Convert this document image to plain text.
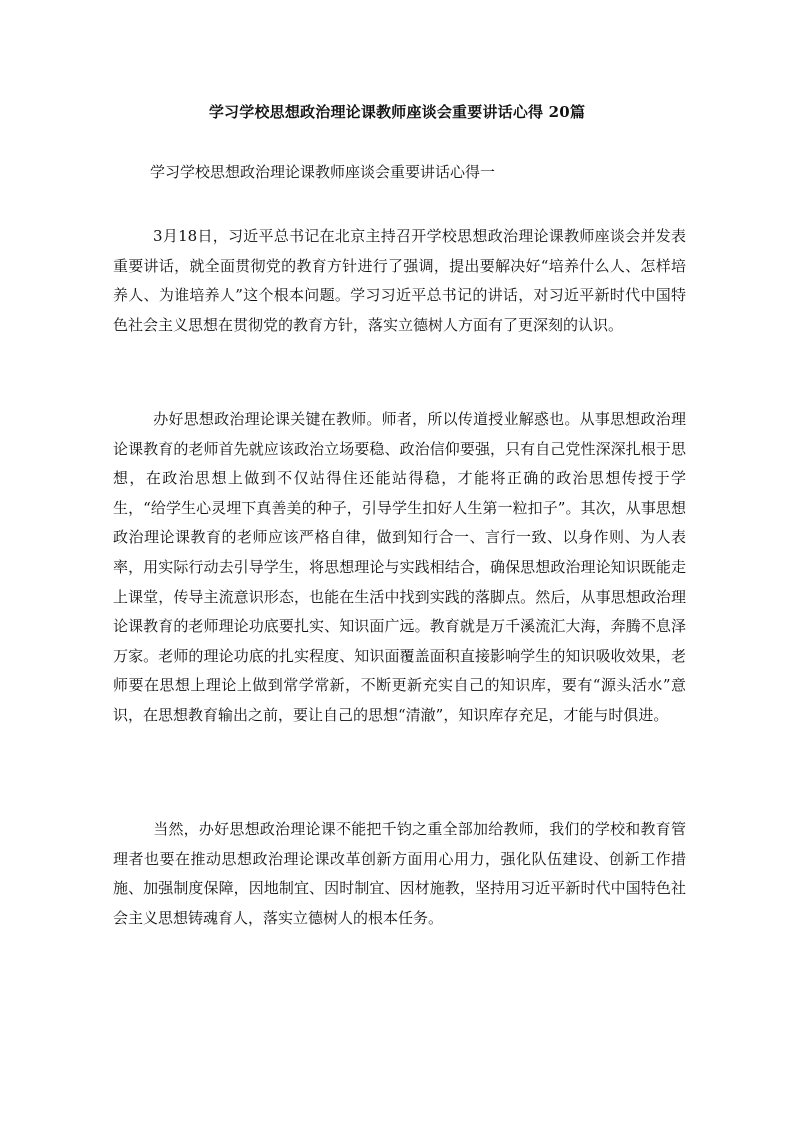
学习学校思想政治理论课教师座谈会重要讲话心得 20篇
学习学校思想政治理论课教师座谈会重要讲话心得一

3月18日，习近平总书记在北京主持召开学校思想政治理论课教师座谈会并发表重要讲话，就全面贯彻党的教育方针进行了强调，提出要解决好“培养什么人、怎样培养人、为谁培养人”这个根本问题。学习习近平总书记的讲话，对习近平新时代中国特色社会主义思想在贯彻党的教育方针，落实立德树人方面有了更深刻的认识。

办好思想政治理论课关键在教师。师者，所以传道授业解惑也。从事思想政治理论课教育的老师首先就应该政治立场要稳、政治信仰要强，只有自己党性深深扎根于思想，在政治思想上做到不仅站得住还能站得稳，才能将正确的政治思想传授于学生，“给学生心灵埋下真善美的种子，引导学生扣好人生第一粒扣子”。其次，从事思想政治理论课教育的老师应该严格自律，做到知行合一、言行一致、以身作则、为人表率，用实际行动去引导学生，将思想理论与实践相结合，确保思想政治理论知识既能走上课堂，传导主流意识形态，也能在生活中找到实践的落脚点。然后，从事思想政治理论课教育的老师理论功底要扎实、知识面广远。教育就是万千溪流汇大海，奔腾不息泽万家。老师的理论功底的扎实程度、知识面覆盖面积直接影响学生的知识吸收效果，老师要在思想上理论上做到常学常新，不断更新充实自己的知识库，要有“源头活水”意识，在思想教育输出之前，要让自己的思想“清澈”，知识库存充足，才能与时俱进。

当然，办好思想政治理论课不能把千钧之重全部加给教师，我们的学校和教育管理者也要在推动思想政治理论课改革创新方面用心用力，强化队伍建设、创新工作措施、加强制度保障，因地制宜、因时制宜、因材施教，坚持用习近平新时代中国特色社会主义思想铸魂育人，落实立德树人的根本任务。
